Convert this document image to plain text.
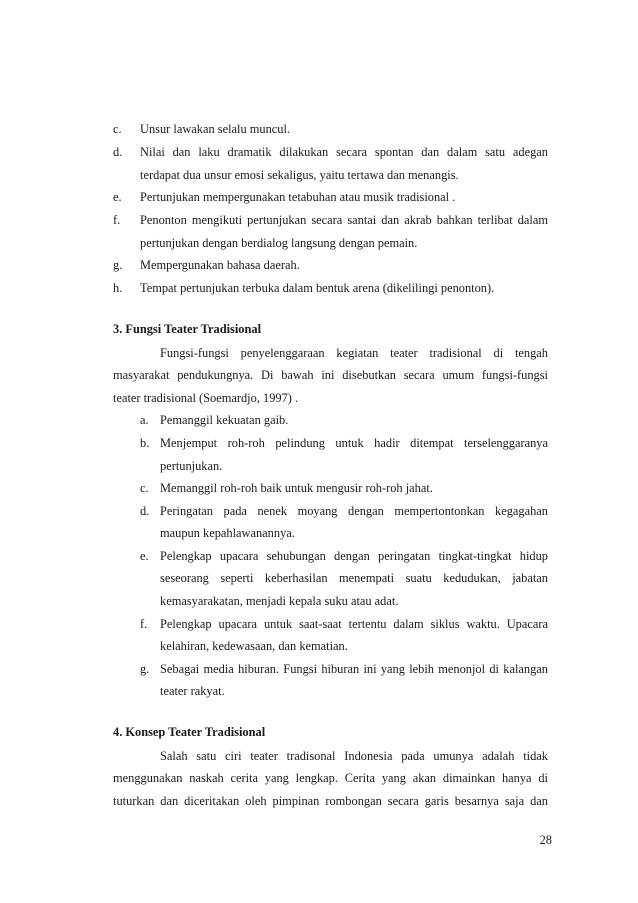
c. Unsur lawakan selalu muncul.
d. Nilai dan laku dramatik dilakukan secara spontan dan dalam satu adegan
terdapat dua unsur emosi sekaligus, yaitu tertawa dan menangis.
e. Pertunjukan mempergunakan tetabuhan atau musik tradisional .
f. Penonton mengikuti pertunjukan secara santai dan akrab bahkan terlibat dalam
pertunjukan dengan berdialog langsung dengan pemain.
g. Mempergunakan bahasa daerah.
h. Tempat pertunjukan terbuka dalam bentuk arena (dikelilingi penonton).
3. Fungsi Teater Tradisional
Fungsi-fungsi penyelenggaraan kegiatan teater tradisional di tengah
masyarakat pendukungnya. Di bawah ini disebutkan secara umum fungsi-fungsi
teater tradisional (Soemardjo, 1997) .
a. Pemanggil kekuatan gaib.
b. Menjemput roh-roh pelindung untuk hadir ditempat terselenggaranya
pertunjukan.
c. Memanggil roh-roh baik untuk mengusir roh-roh jahat.
d. Peringatan pada nenek moyang dengan mempertontonkan kegagahan
maupun kepahlawanannya.
e. Pelengkap upacara sehubungan dengan peringatan tingkat-tingkat hidup
seseorang seperti keberhasilan menempati suatu kedudukan, jabatan
kemasyarakatan, menjadi kepala suku atau adat.
f. Pelengkap upacara untuk saat-saat tertentu dalam siklus waktu. Upacara
kelahiran, kedewasaan, dan kematian.
g. Sebagai media hiburan. Fungsi hiburan ini yang lebih menonjol di kalangan
teater rakyat.
4. Konsep Teater Tradisional
Salah satu ciri teater tradisonal Indonesia pada umunya adalah tidak
menggunakan naskah cerita yang lengkap. Cerita yang akan dimainkan hanya di
tuturkan dan diceritakan oleh pimpinan rombongan secara garis besarnya saja dan
28
